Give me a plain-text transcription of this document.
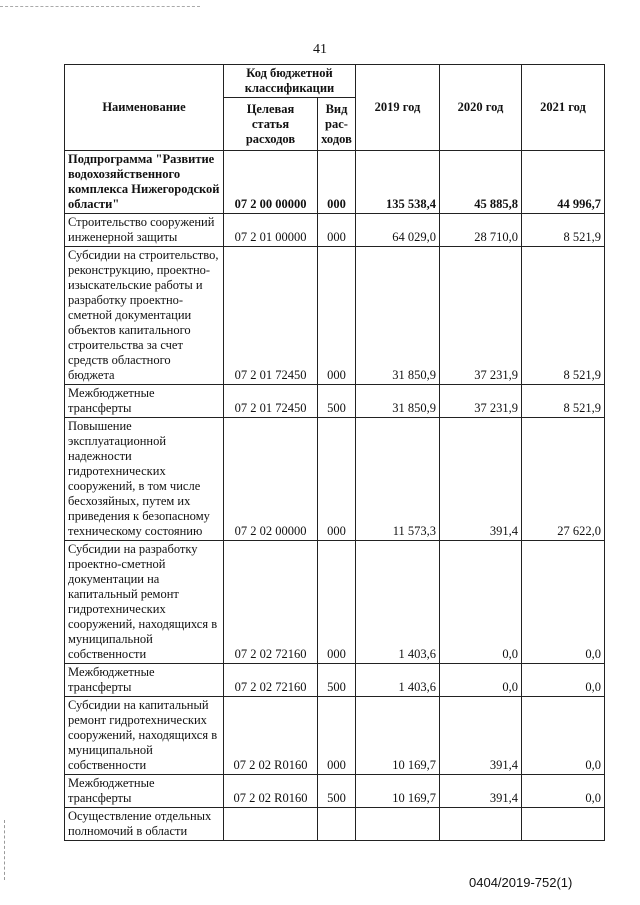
41
Наименование	Код бюджетной классификации		2019 год	2020 год	2021 год
	Целевая статья расходов	Вид рас-ходов			
Подпрограмма "Развитие водохозяйственного комплекса Нижегородской области"	07 2 00 00000	000	135 538,4	45 885,8	44 996,7
Строительство сооружений инженерной защиты	07 2 01 00000	000	64 029,0	28 710,0	8 521,9
Субсидии на строительство, реконструкцию, проектно-изыскательские работы и разработку проектно-сметной документации объектов капитального строительства за счет средств областного бюджета	07 2 01 72450	000	31 850,9	37 231,9	8 521,9
Межбюджетные трансферты	07 2 01 72450	500	31 850,9	37 231,9	8 521,9
Повышение эксплуатационной надежности гидротехнических сооружений, в том числе бесхозяйных, путем их приведения к безопасному техническому состоянию	07 2 02 00000	000	11 573,3	391,4	27 622,0
Субсидии на разработку проектно-сметной документации на капитальный ремонт гидротехнических сооружений, находящихся в муниципальной собственности	07 2 02 72160	000	1 403,6	0,0	0,0
Межбюджетные трансферты	07 2 02 72160	500	1 403,6	0,0	0,0
Субсидии на капитальный ремонт гидротехнических сооружений, находящихся в муниципальной собственности	07 2 02 R0160	000	10 169,7	391,4	0,0
Межбюджетные трансферты	07 2 02 R0160	500	10 169,7	391,4	0,0
Осуществление отдельных полномочий в области					
0404/2019-752(1)
